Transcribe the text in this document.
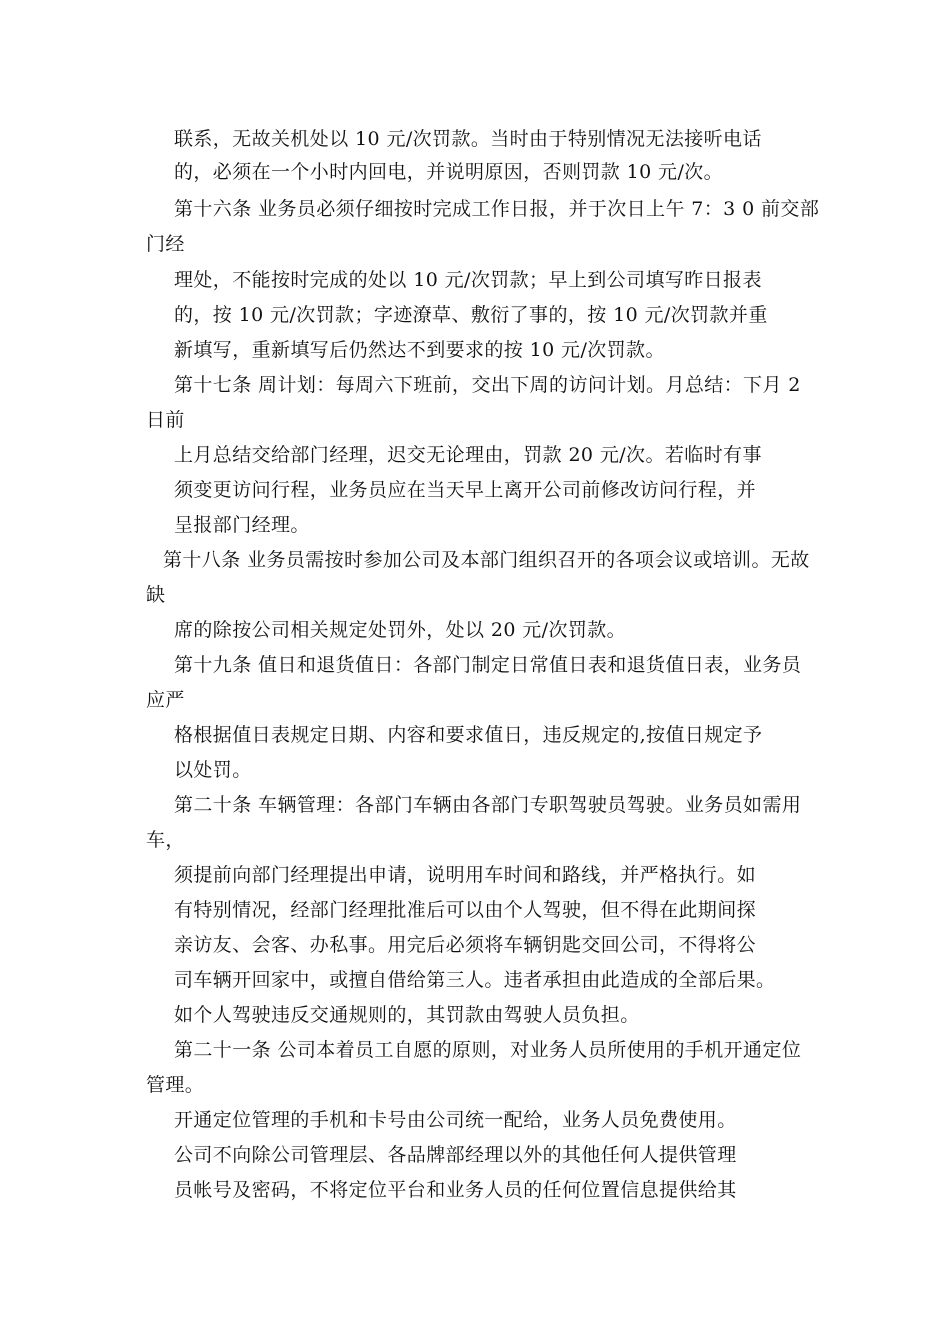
联系，无故关机处以 10 元/次罚款。当时由于特别情况无法接听电话
的，必须在一个小时内回电，并说明原因，否则罚款 10 元/次。
第十六条 业务员必须仔细按时完成工作日报，并于次日上午 7：3 0 前交部
门经
理处，不能按时完成的处以 10 元/次罚款；早上到公司填写昨日报表
的，按 10 元/次罚款；字迹潦草、敷衍了事的，按 10 元/次罚款并重
新填写，重新填写后仍然达不到要求的按 10 元/次罚款。
第十七条 周计划：每周六下班前，交出下周的访问计划。月总结：下月 2
日前
上月总结交给部门经理，迟交无论理由，罚款 20 元/次。若临时有事
须变更访问行程，业务员应在当天早上离开公司前修改访问行程，并
呈报部门经理。
第十八条 业务员需按时参加公司及本部门组织召开的各项会议或培训。无故
缺
席的除按公司相关规定处罚外，处以 20 元/次罚款。
第十九条 值日和退货值日：各部门制定日常值日表和退货值日表，业务员
应严
格根据值日表规定日期、内容和要求值日，违反规定的,按值日规定予
以处罚。
第二十条 车辆管理：各部门车辆由各部门专职驾驶员驾驶。业务员如需用
车，
须提前向部门经理提出申请，说明用车时间和路线，并严格执行。如
有特别情况，经部门经理批准后可以由个人驾驶，但不得在此期间探
亲访友、会客、办私事。用完后必须将车辆钥匙交回公司，不得将公
司车辆开回家中，或擅自借给第三人。违者承担由此造成的全部后果。
如个人驾驶违反交通规则的，其罚款由驾驶人员负担。
第二十一条 公司本着员工自愿的原则，对业务人员所使用的手机开通定位
管理。
开通定位管理的手机和卡号由公司统一配给，业务人员免费使用。
公司不向除公司管理层、各品牌部经理以外的其他任何人提供管理
员帐号及密码，不将定位平台和业务人员的任何位置信息提供给其
